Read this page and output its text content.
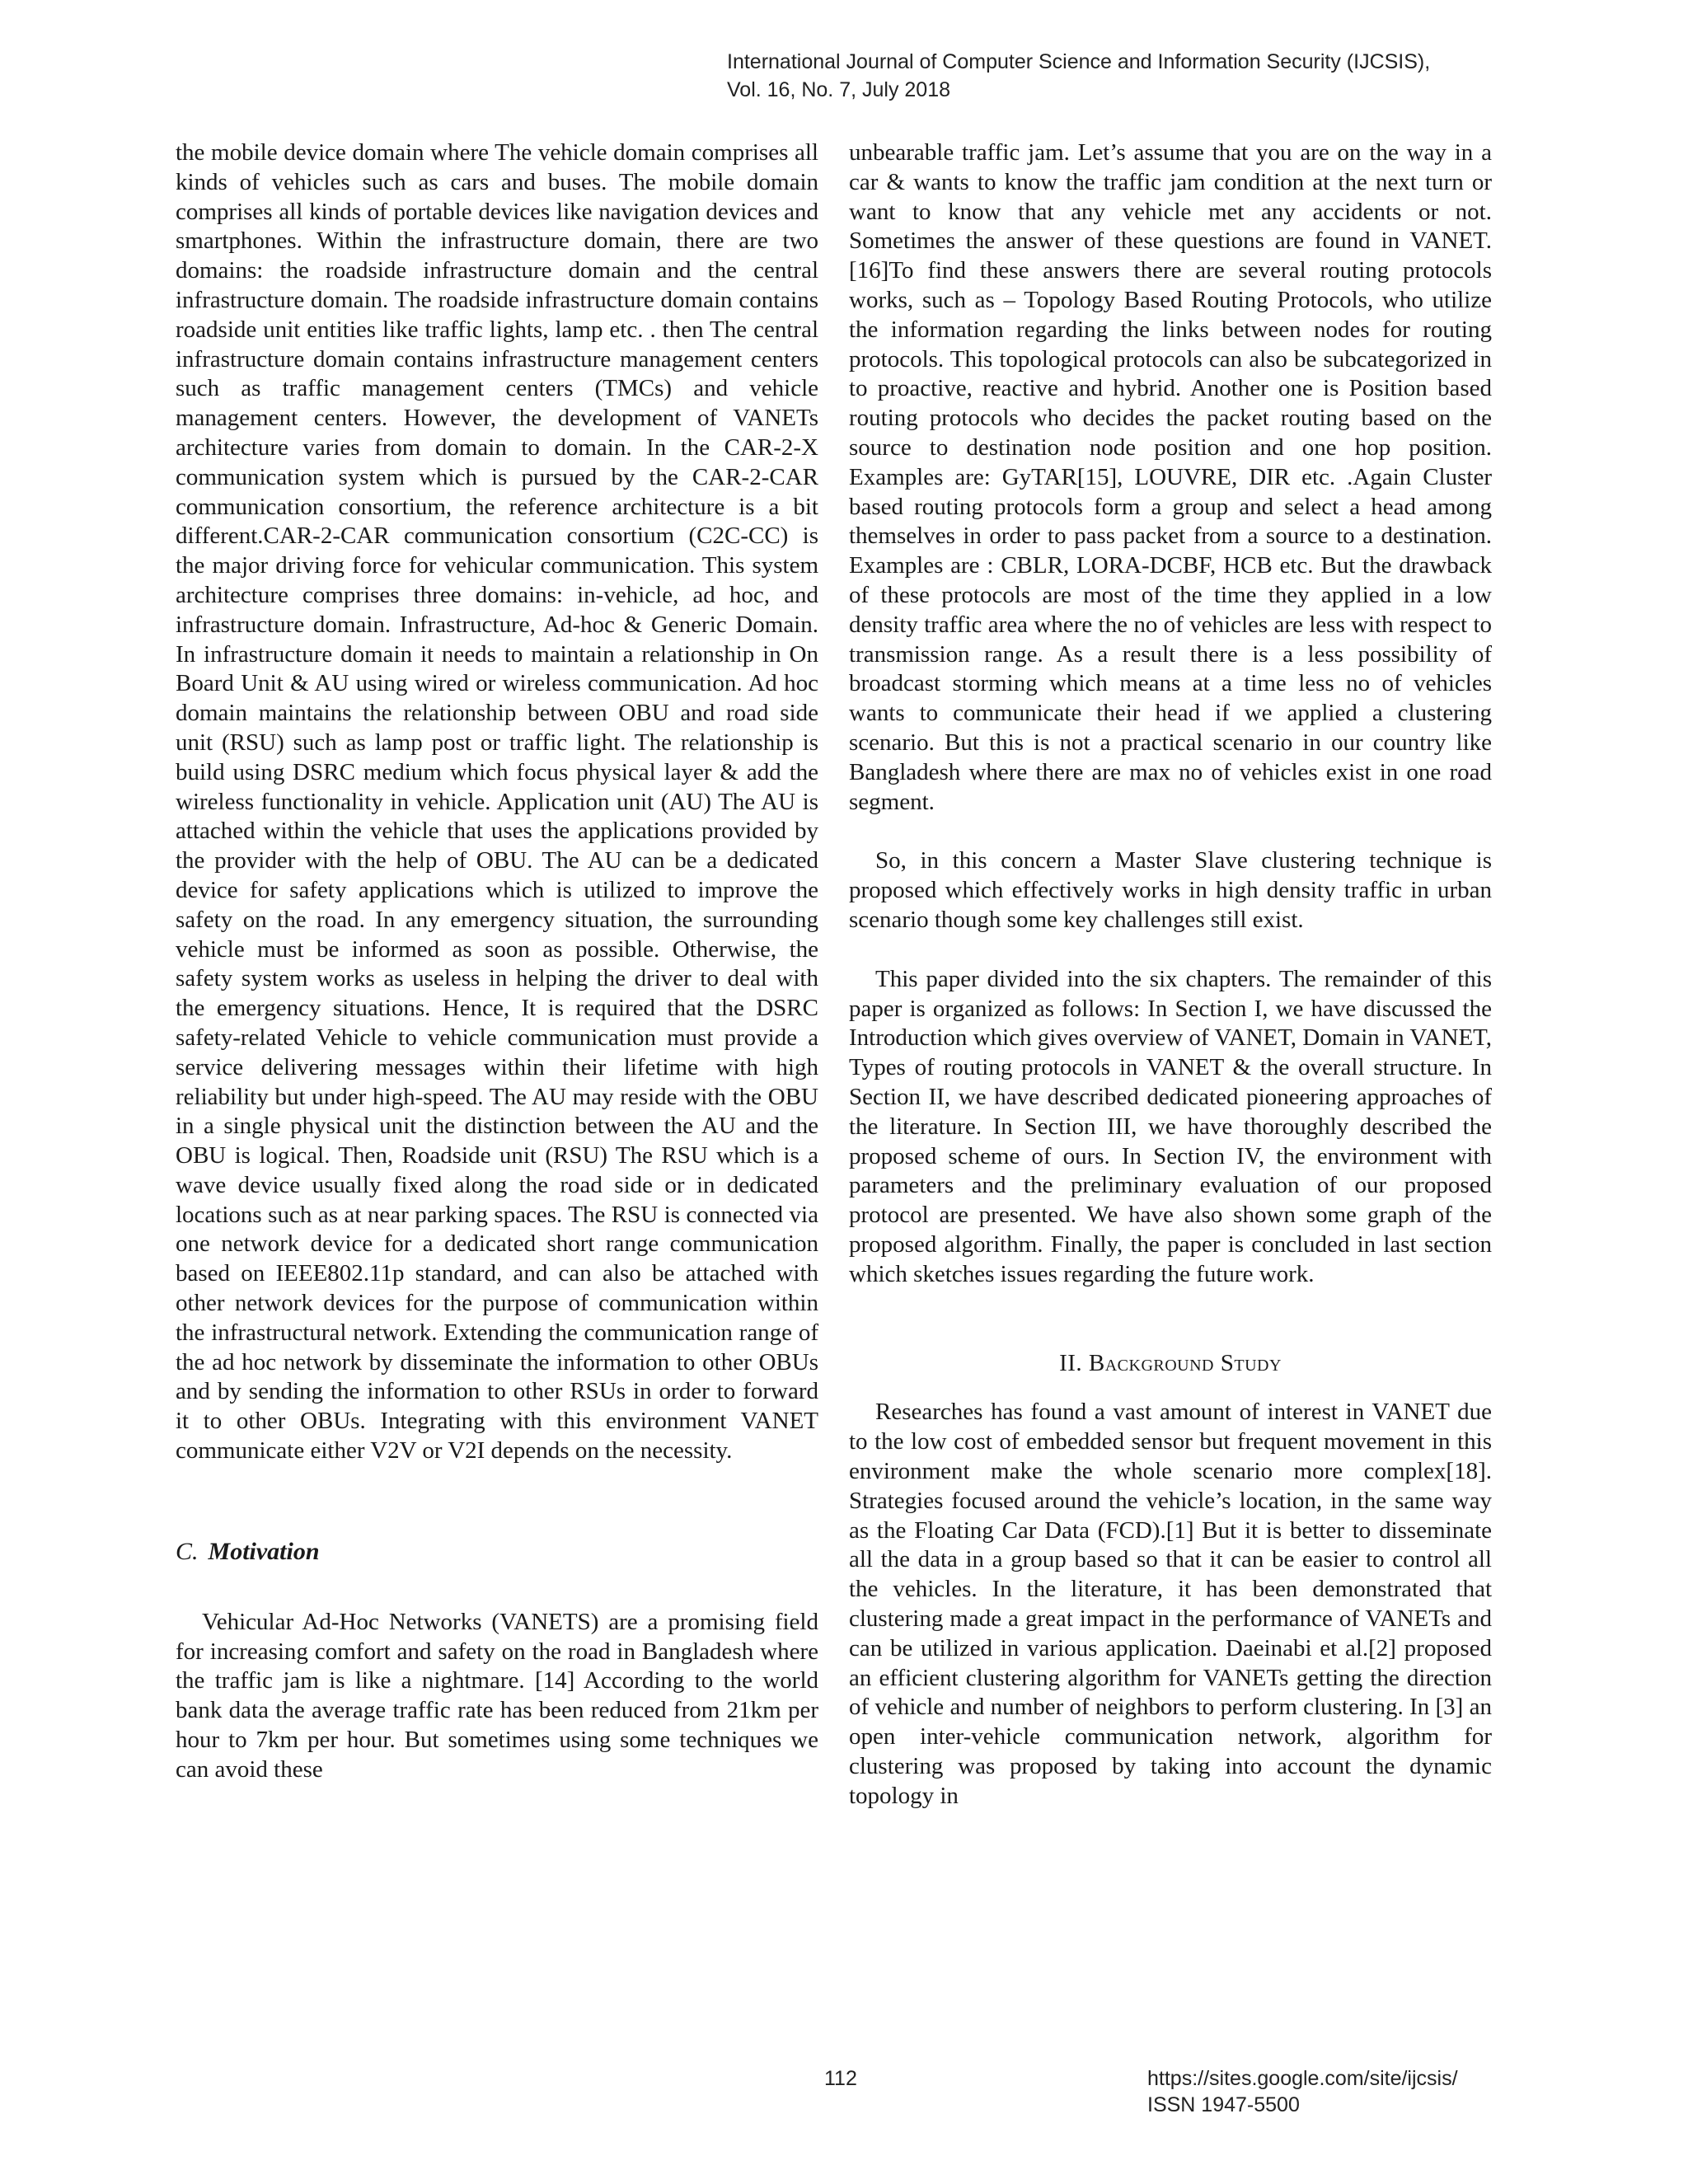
International Journal of Computer Science and Information Security (IJCSIS),
Vol. 16, No. 7, July 2018

the mobile device domain where The vehicle domain comprises all kinds of vehicles such as cars and buses. The mobile domain comprises all kinds of portable devices like navigation devices and smartphones. Within the infrastructure domain, there are two domains: the roadside infrastructure domain and the central infrastructure domain. The roadside infrastructure domain contains roadside unit entities like traffic lights, lamp etc. . then The central infrastructure domain contains infrastructure management centers such as traffic management centers (TMCs) and vehicle management centers. However, the development of VANETs architecture varies from domain to domain. In the CAR-2-X communication system which is pursued by the CAR-2-CAR communication consortium, the reference architecture is a bit different.CAR-2-CAR communication consortium (C2C-CC) is the major driving force for vehicular communication. This system architecture comprises three domains: in-vehicle, ad hoc, and infrastructure domain. Infrastructure, Ad-hoc & Generic Domain. In infrastructure domain it needs to maintain a relationship in On Board Unit & AU using wired or wireless communication. Ad hoc domain maintains the relationship between OBU and road side unit (RSU) such as lamp post or traffic light. The relationship is build using DSRC medium which focus physical layer & add the wireless functionality in vehicle. Application unit (AU) The AU is attached within the vehicle that uses the applications provided by the provider with the help of OBU. The AU can be a dedicated device for safety applications which is utilized to improve the safety on the road. In any emergency situation, the surrounding vehicle must be informed as soon as possible. Otherwise, the safety system works as useless in helping the driver to deal with the emergency situations. Hence, It is required that the DSRC safety-related Vehicle to vehicle communication must provide a service delivering messages within their lifetime with high reliability but under high-speed. The AU may reside with the OBU in a single physical unit the distinction between the AU and the OBU is logical. Then, Roadside unit (RSU) The RSU which is a wave device usually fixed along the road side or in dedicated locations such as at near parking spaces. The RSU is connected via one network device for a dedicated short range communication based on IEEE802.11p standard, and can also be attached with other network devices for the purpose of communication within the infrastructural network. Extending the communication range of the ad hoc network by disseminate the information to other OBUs and by sending the information to other RSUs in order to forward it to other OBUs. Integrating with this environment VANET communicate either V2V or V2I depends on the necessity.

C. Motivation

Vehicular Ad-Hoc Networks (VANETS) are a promising field for increasing comfort and safety on the road in Bangladesh where the traffic jam is like a nightmare. [14] According to the world bank data the average traffic rate has been reduced from 21km per hour to 7km per hour. But sometimes using some techniques we can avoid these

unbearable traffic jam. Let’s assume that you are on the way in a car & wants to know the traffic jam condition at the next turn or want to know that any vehicle met any accidents or not. Sometimes the answer of these questions are found in VANET. [16]To find these answers there are several routing protocols works, such as – Topology Based Routing Protocols, who utilize the information regarding the links between nodes for routing protocols. This topological protocols can also be subcategorized in to proactive, reactive and hybrid. Another one is Position based routing protocols who decides the packet routing based on the source to destination node position and one hop position. Examples are: GyTAR[15], LOUVRE, DIR etc. .Again Cluster based routing protocols form a group and select a head among themselves in order to pass packet from a source to a destination. Examples are : CBLR, LORA-DCBF, HCB etc. But the drawback of these protocols are most of the time they applied in a low density traffic area where the no of vehicles are less with respect to transmission range. As a result there is a less possibility of broadcast storming which means at a time less no of vehicles wants to communicate their head if we applied a clustering scenario. But this is not a practical scenario in our country like Bangladesh where there are max no of vehicles exist in one road segment.

So, in this concern a Master Slave clustering technique is proposed which effectively works in high density traffic in urban scenario though some key challenges still exist.

This paper divided into the six chapters. The remainder of this paper is organized as follows: In Section I, we have discussed the Introduction which gives overview of VANET, Domain in VANET, Types of routing protocols in VANET & the overall structure. In Section II, we have described dedicated pioneering approaches of the literature. In Section III, we have thoroughly described the proposed scheme of ours. In Section IV, the environment with parameters and the preliminary evaluation of our proposed protocol are presented. We have also shown some graph of the proposed algorithm. Finally, the paper is concluded in last section which sketches issues regarding the future work.

II. Background Study

Researches has found a vast amount of interest in VANET due to the low cost of embedded sensor but frequent movement in this environment make the whole scenario more complex[18]. Strategies focused around the vehicle’s location, in the same way as the Floating Car Data (FCD).[1] But it is better to disseminate all the data in a group based so that it can be easier to control all the vehicles. In the literature, it has been demonstrated that clustering made a great impact in the performance of VANETs and can be utilized in various application. Daeinabi et al.[2] proposed an efficient clustering algorithm for VANETs getting the direction of vehicle and number of neighbors to perform clustering. In [3] an open inter-vehicle communication network, algorithm for clustering was proposed by taking into account the dynamic topology in

112	https://sites.google.com/site/ijcsis/
ISSN 1947-5500
